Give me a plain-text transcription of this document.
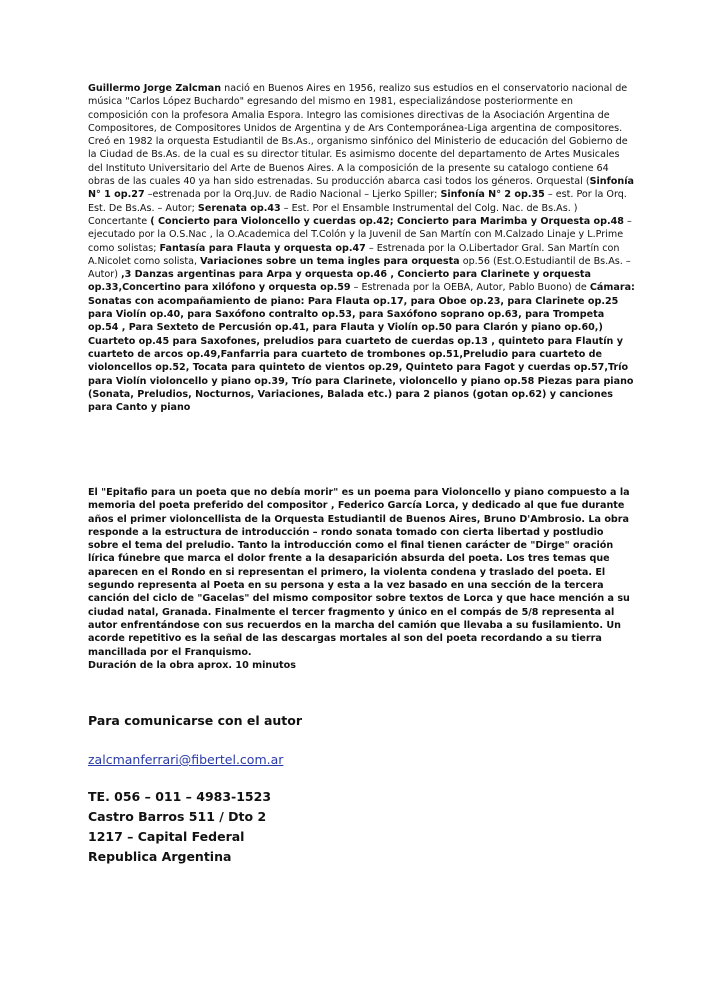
Guillermo Jorge Zalcman nació en Buenos Aires en 1956, realizo sus estudios en el conservatorio nacional de música "Carlos López Buchardo" egresando del mismo en 1981, especializándose posteriormente en composición con la profesora Amalia Espora. Integro las comisiones directivas de la Asociación Argentina de Compositores, de Compositores Unidos de Argentina y de Ars Contemporánea-Liga argentina de compositores. Creó en 1982 la orquesta Estudiantil de Bs.As., organismo sinfónico del Ministerio de educación del Gobierno de la Ciudad de Bs.As. de la cual es su director titular. Es asimismo docente del departamento de Artes Musicales del Instituto Universitario del Arte de Buenos Aires. A la composición de la presente su catalogo contiene 64 obras de las cuales 40 ya han sido estrenadas. Su producción abarca casi todos los géneros. Orquestal (Sinfonía N° 1 op.27 –estrenada por la Orq.Juv. de Radio Nacional – Ljerko Spiller; Sinfonía N° 2 op.35 – est. Por la Orq. Est. De Bs.As. – Autor; Serenata op.43 – Est. Por el Ensamble Instrumental del Colg. Nac. de Bs.As. ) Concertante ( Concierto para Violoncello y cuerdas op.42; Concierto para Marimba y Orquesta op.48 – ejecutado por la O.S.Nac , la O.Academica del T.Colón y la Juvenil de San Martín con M.Calzado Linaje y L.Prime como solistas; Fantasía para Flauta y orquesta op.47 – Estrenada por la O.Libertador Gral. San Martín con A.Nicolet como solista, Variaciones sobre un tema ingles para orquesta op.56 (Est.O.Estudiantil de Bs.As. – Autor) ,3 Danzas argentinas para Arpa y orquesta op.46 , Concierto para Clarinete y orquesta op.33,Concertino para xilófono y orquesta op.59 – Estrenada por la OEBA, Autor, Pablo Buono) de Cámara: Sonatas con acompañamiento de piano: Para Flauta op.17, para Oboe op.23, para Clarinete op.25 para Violín op.40, para Saxófono contralto op.53, para Saxófono soprano op.63, para Trompeta op.54 , Para Sexteto de Percusión op.41, para Flauta y Violín op.50 para Clarón y piano op.60,) Cuarteto op.45 para Saxofones, preludios para cuarteto de cuerdas op.13 , quinteto para Flautín y cuarteto de arcos op.49,Fanfarria para cuarteto de trombones op.51,Preludio para cuarteto de violoncellos op.52, Tocata para quinteto de vientos op.29, Quinteto para Fagot y cuerdas op.57,Trío para Violín violoncello y piano op.39, Trío para Clarinete, violoncello y piano op.58 Piezas para piano (Sonata, Preludios, Nocturnos, Variaciones, Balada etc.) para 2 pianos (gotan op.62) y canciones para Canto y piano
El "Epitafio para un poeta que no debía morir" es un poema para Violoncello y piano compuesto a la memoria del poeta preferido del compositor , Federico García Lorca, y dedicado al que fue durante años el primer violoncellista de la Orquesta Estudiantil de Buenos Aires, Bruno D'Ambrosio. La obra responde a la estructura de introducción – rondo sonata tomado con cierta libertad y postludio sobre el tema del preludio. Tanto la introducción como el final tienen carácter de "Dirge" oración lírica fúnebre que marca el dolor frente a la desaparición absurda del poeta. Los tres temas que aparecen en el Rondo en si representan el primero, la violenta condena y traslado del poeta. El segundo representa al Poeta en su persona y esta a la vez basado en una sección de la tercera canción del ciclo de "Gacelas" del mismo compositor sobre textos de Lorca y que hace mención a su ciudad natal, Granada. Finalmente el tercer fragmento y único en el compás de 5/8 representa al autor enfrentándose con sus recuerdos en la marcha del camión que llevaba a su fusilamiento. Un acorde repetitivo es la señal de las descargas mortales al son del poeta recordando a su tierra mancillada por el Franquismo.
Duración de la obra aprox. 10 minutos
Para comunicarse con el autor
zalcmanferrari@fibertel.com.ar
TE. 056 – 011 – 4983-1523
Castro Barros 511 / Dto 2
1217 – Capital Federal
Republica Argentina
